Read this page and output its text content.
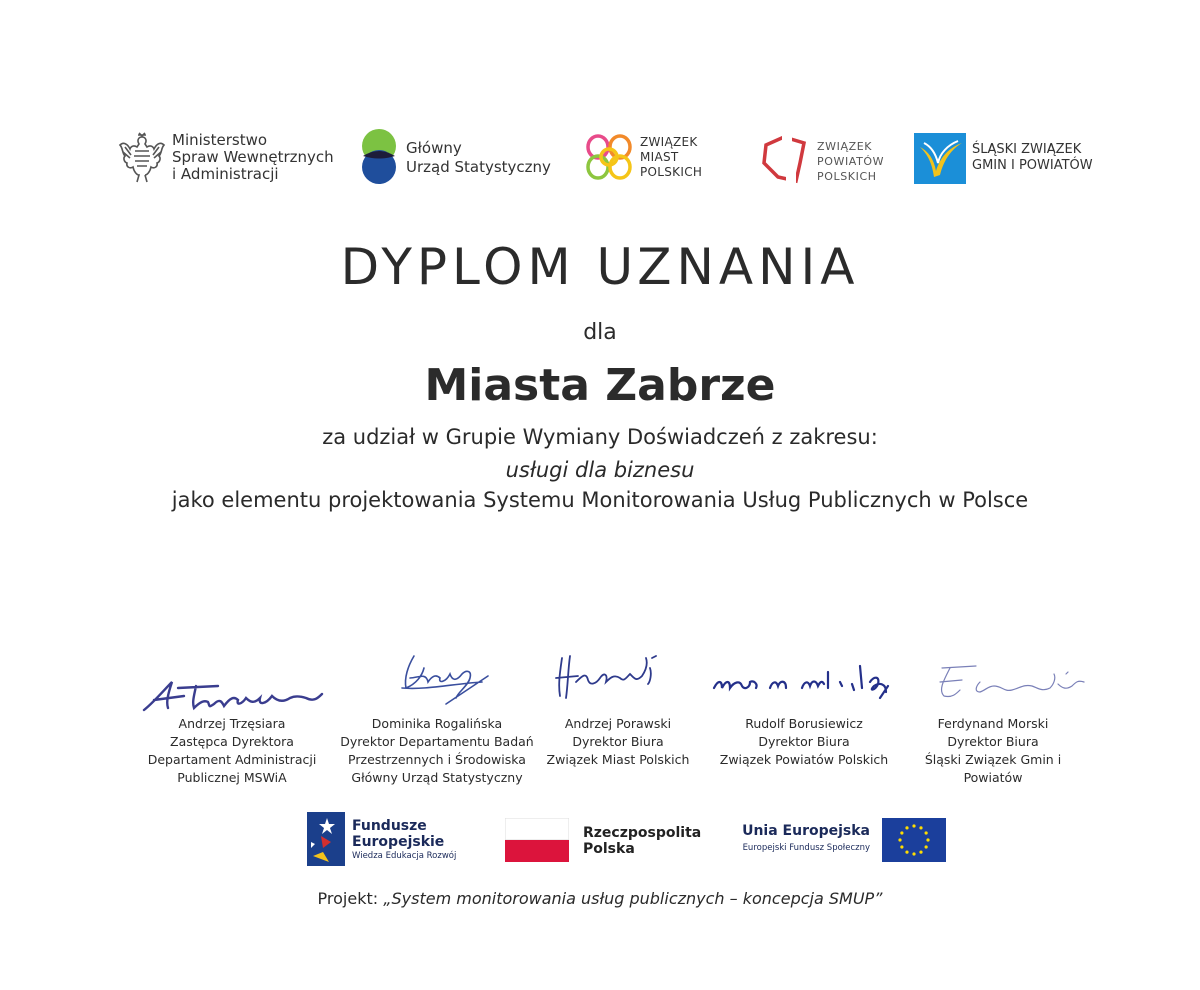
Ministerstwo
Spraw Wewnętrznych
i Administracji
Główny
Urząd Statystyczny
ZWIĄZEK
MIAST
POLSKICH
ZWIĄZEK
POWIATÓW
POLSKICH
ŚLĄSKI ZWIĄZEK
GMIN I POWIATÓW
DYPLOM UZNANIA
dla
Miasta Zabrze
za udział w Grupie Wymiany Doświadczeń z zakresu:
usługi dla biznesu
jako elementu projektowania Systemu Monitorowania Usług Publicznych w Polsce
Andrzej Trzęsiara
Zastępca Dyrektora
Departament Administracji
Publicznej MSWiA
Dominika Rogalińska
Dyrektor Departamentu Badań
Przestrzennych i Środowiska
Główny Urząd Statystyczny
Andrzej Porawski
Dyrektor Biura
Związek Miast Polskich
Rudolf Borusiewicz
Dyrektor Biura
Związek Powiatów Polskich
Ferdynand Morski
Dyrektor Biura
Śląski Związek Gmin i
Powiatów
Fundusze
Europejskie
Wiedza Edukacja Rozwój
Rzeczpospolita
Polska
Unia Europejska
Europejski Fundusz Społeczny
Projekt: „System monitorowania usług publicznych – koncepcja SMUP”
